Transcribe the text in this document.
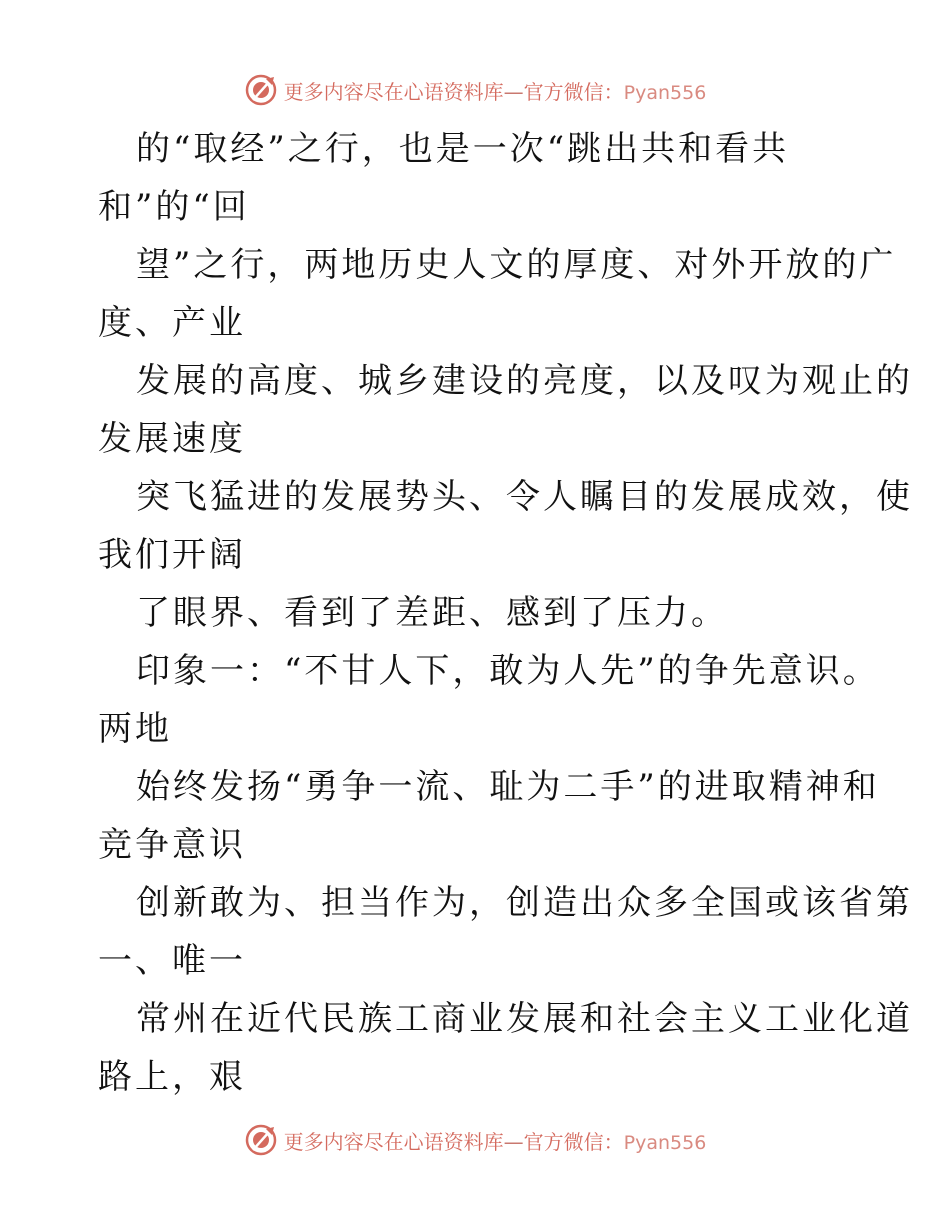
更多内容尽在心语资料库—官方微信：Pyan556
的“取经”之行，也是一次“跳出共和看共
和”的“回
望”之行，两地历史人文的厚度、对外开放的广
度、产业
发展的高度、城乡建设的亮度，以及叹为观止的
发展速度
突飞猛进的发展势头、令人瞩目的发展成效，使
我们开阔
了眼界、看到了差距、感到了压力。
印象一：“不甘人下，敢为人先”的争先意识。
两地
始终发扬“勇争一流、耻为二手”的进取精神和
竞争意识
创新敢为、担当作为，创造出众多全国或该省第
一、唯一
常州在近代民族工商业发展和社会主义工业化道
路上，艰
更多内容尽在心语资料库—官方微信：Pyan556
